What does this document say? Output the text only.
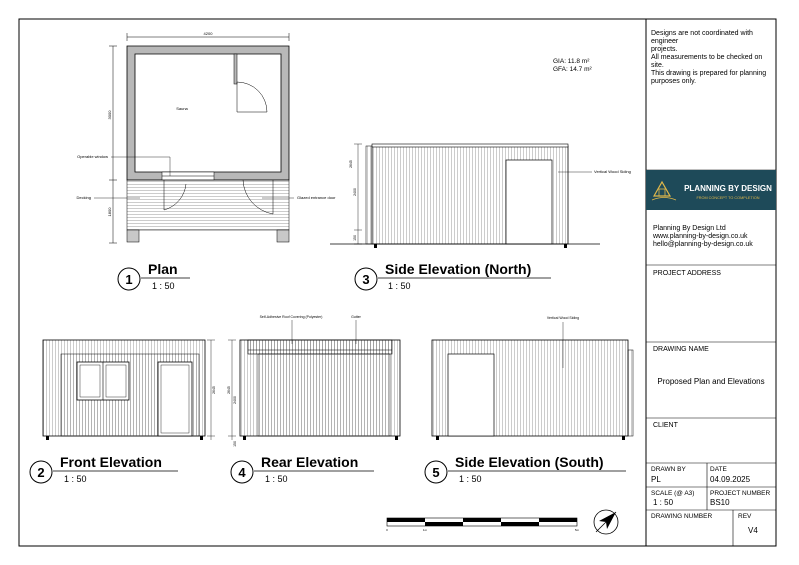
4200
3000
1800
Sauna
Operable window
Decking	Glazed entrance door
GIA: 11.8 m²
GFA: 14.7 m²
2645
2400
150
Vertical Wood Siding
2645
Self-Adhesive Roof Covering (Polyester)	Gutter
2645
2400
150
Vertical Wood Siding
1
Plan
1 : 50	3
Side Elevation (North)
1 : 50
2
Front Elevation
1 : 50	4
Rear Elevation
1 : 50	5
Side Elevation (South)
1 : 50
0	1m	5m
PLANNING BY DESIGN
FROM CONCEPT TO COMPLETION
Designs are not coordinated with engineer
projects.
All measurements to be checked on site.
This drawing is prepared for planning
purposes only.
Planning By Design Ltd
www.planning-by-design.co.uk
hello@planning-by-design.co.uk
PROJECT ADDRESS
DRAWING NAME
Proposed Plan and Elevations
CLIENT
DRAWN BY
PL
DATE
04.09.2025
SCALE (@ A3)
1 : 50
PROJECT NUMBER
BS10
DRAWING NUMBER	REV
V4
